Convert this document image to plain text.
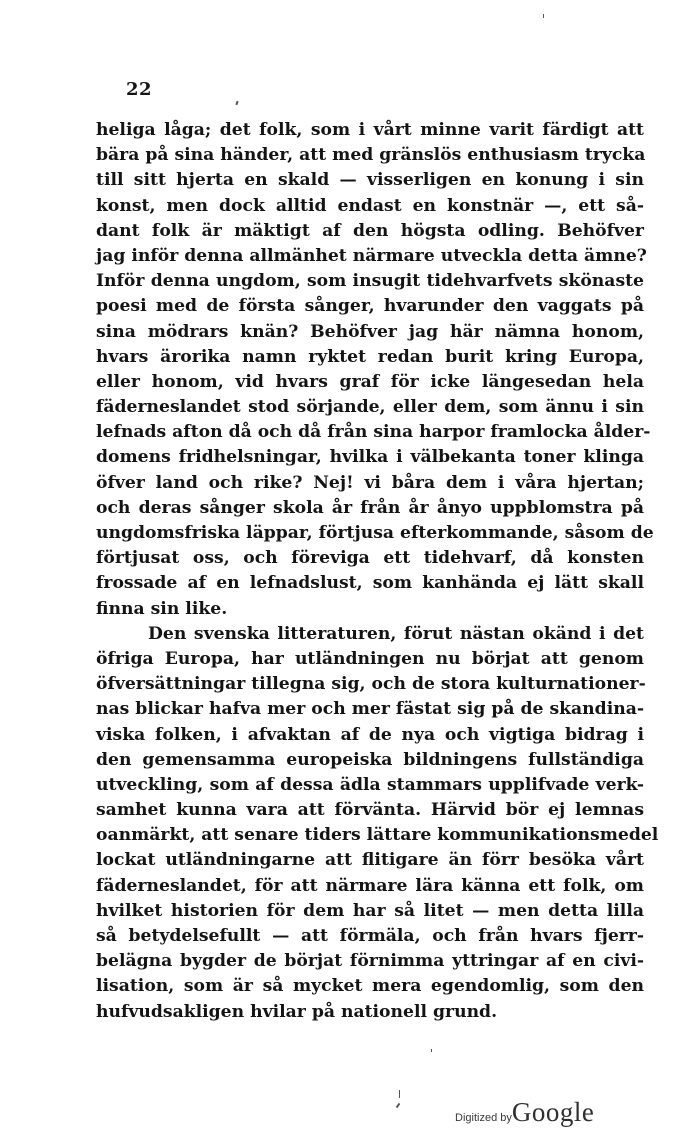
22
heliga låga; det folk, som i vårt minne varit färdigt att
bära på sina händer, att med gränslös enthusiasm trycka
till sitt hjerta en skald — visserligen en konung i sin
konst, men dock alltid endast en konstnär —, ett så-
dant folk är mäktigt af den högsta odling. Behöfver
jag inför denna allmänhet närmare utveckla detta ämne?
Inför denna ungdom, som insugit tidehvarfvets skönaste
poesi med de första sånger, hvarunder den vaggats på
sina mödrars knän? Behöfver jag här nämna honom,
hvars ärorika namn ryktet redan burit kring Europa,
eller honom, vid hvars graf för icke längesedan hela
fäderneslandet stod sörjande, eller dem, som ännu i sin
lefnads afton då och då från sina harpor framlocka ålder-
domens fridhelsningar, hvilka i välbekanta toner klinga
öfver land och rike? Nej! vi båra dem i våra hjertan;
och deras sånger skola år från år ånyo uppblomstra på
ungdomsfriska läppar, förtjusa efterkommande, såsom de
förtjusat oss, och föreviga ett tidehvarf, då konsten
frossade af en lefnadslust, som kanhända ej lätt skall
finna sin like.
Den svenska litteraturen, förut nästan okänd i det
öfriga Europa, har utländningen nu börjat att genom
öfversättningar tillegna sig, och de stora kulturnationer-
nas blickar hafva mer och mer fästat sig på de skandina-
viska folken, i afvaktan af de nya och vigtiga bidrag i
den gemensamma europeiska bildningens fullständiga
utveckling, som af dessa ädla stammars upplifvade verk-
samhet kunna vara att förvänta. Härvid bör ej lemnas
oanmärkt, att senare tiders lättare kommunikationsmedel
lockat utländningarne att flitigare än förr besöka vårt
fäderneslandet, för att närmare lära känna ett folk, om
hvilket historien för dem har så litet — men detta lilla
så betydelsefullt — att förmäla, och från hvars fjerr-
belägna bygder de börjat förnimma yttringar af en civi-
lisation, som är så mycket mera egendomlig, som den
hufvudsakligen hvilar på nationell grund.
Digitized byGoogle
